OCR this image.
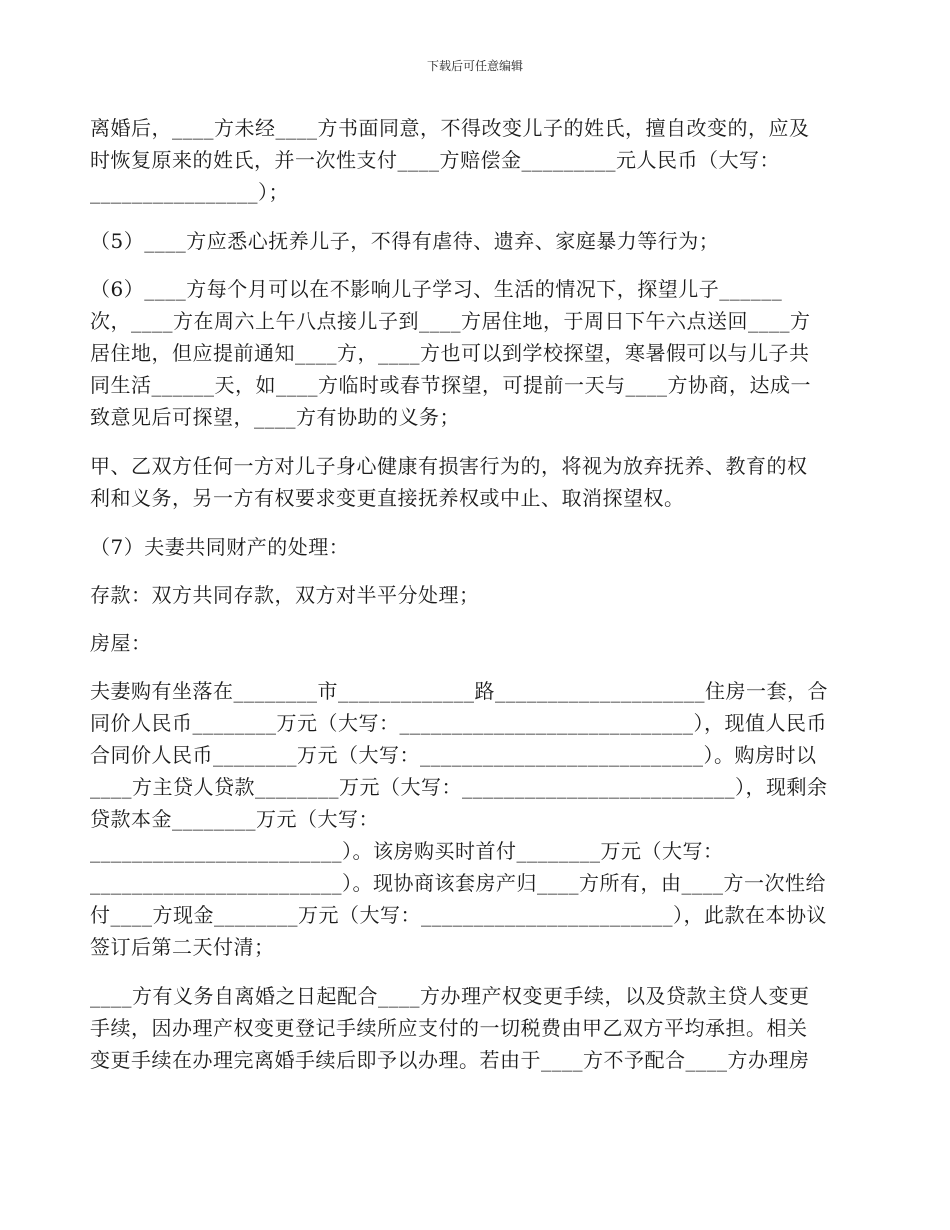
下载后可任意编辑
离婚后，____方未经____方书面同意，不得改变儿子的姓氏，擅自改变的，应及
时恢复原来的姓氏，并一次性支付____方赔偿金_________元人民币（大写：
________________）；
（5）____方应悉心抚养儿子，不得有虐待、遗弃、家庭暴力等行为；
（6）____方每个月可以在不影响儿子学习、生活的情况下，探望儿子______
次，____方在周六上午八点接儿子到____方居住地，于周日下午六点送回____方
居住地，但应提前通知____方，____方也可以到学校探望，寒暑假可以与儿子共
同生活______天，如____方临时或春节探望，可提前一天与____方协商，达成一
致意见后可探望，____方有协助的义务；
甲、乙双方任何一方对儿子身心健康有损害行为的，将视为放弃抚养、教育的权
利和义务，另一方有权要求变更直接抚养权或中止、取消探望权。
（7）夫妻共同财产的处理：
存款：双方共同存款，双方对半平分处理；
房屋：
夫妻购有坐落在________市_____________路____________________住房一套，合
同价人民币________万元（大写：____________________________），现值人民币
合同价人民币________万元（大写：___________________________）。购房时以
____方主贷人贷款________万元（大写：__________________________），现剩余
贷款本金________万元（大写：
________________________）。该房购买时首付________万元（大写：
________________________）。现协商该套房产归____方所有，由____方一次性给
付____方现金________万元（大写：________________________），此款在本协议
签订后第二天付清；
____方有义务自离婚之日起配合____方办理产权变更手续，以及贷款主贷人变更
手续，因办理产权变更登记手续所应支付的一切税费由甲乙双方平均承担。相关
变更手续在办理完离婚手续后即予以办理。若由于____方不予配合____方办理房
